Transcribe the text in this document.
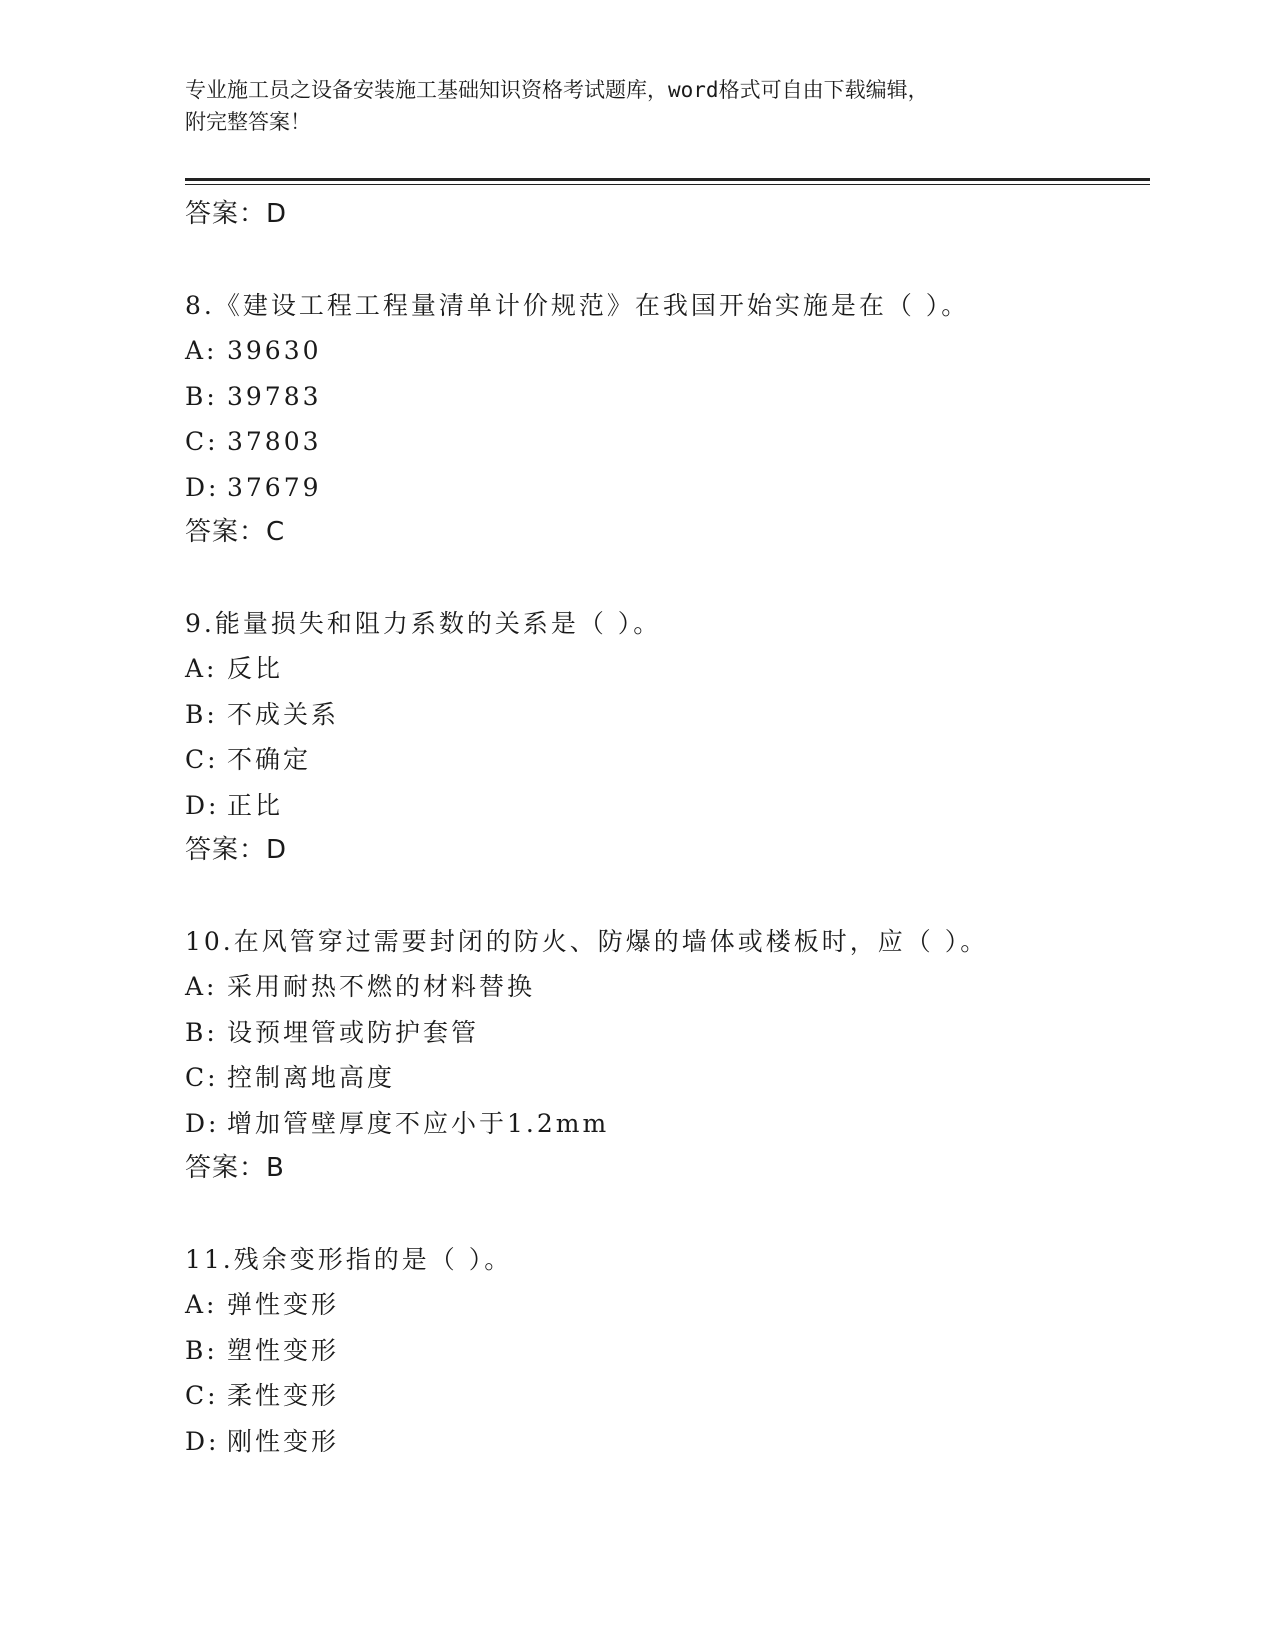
专业施工员之设备安装施工基础知识资格考试题库，word格式可自由下载编辑，
附完整答案！
答案：D
8.《建设工程工程量清单计价规范》在我国开始实施是在（ ）。
A: 39630
B: 39783
C: 37803
D: 37679
答案：C
9.能量损失和阻力系数的关系是（ ）。
A: 反比
B: 不成关系
C: 不确定
D: 正比
答案：D
10.在风管穿过需要封闭的防火、防爆的墙体或楼板时，应（ ）。
A: 采用耐热不燃的材料替换
B: 设预埋管或防护套管
C: 控制离地高度
D: 增加管壁厚度不应小于1.2mm
答案：B
11.残余变形指的是（ ）。
A: 弹性变形
B: 塑性变形
C: 柔性变形
D: 刚性变形
